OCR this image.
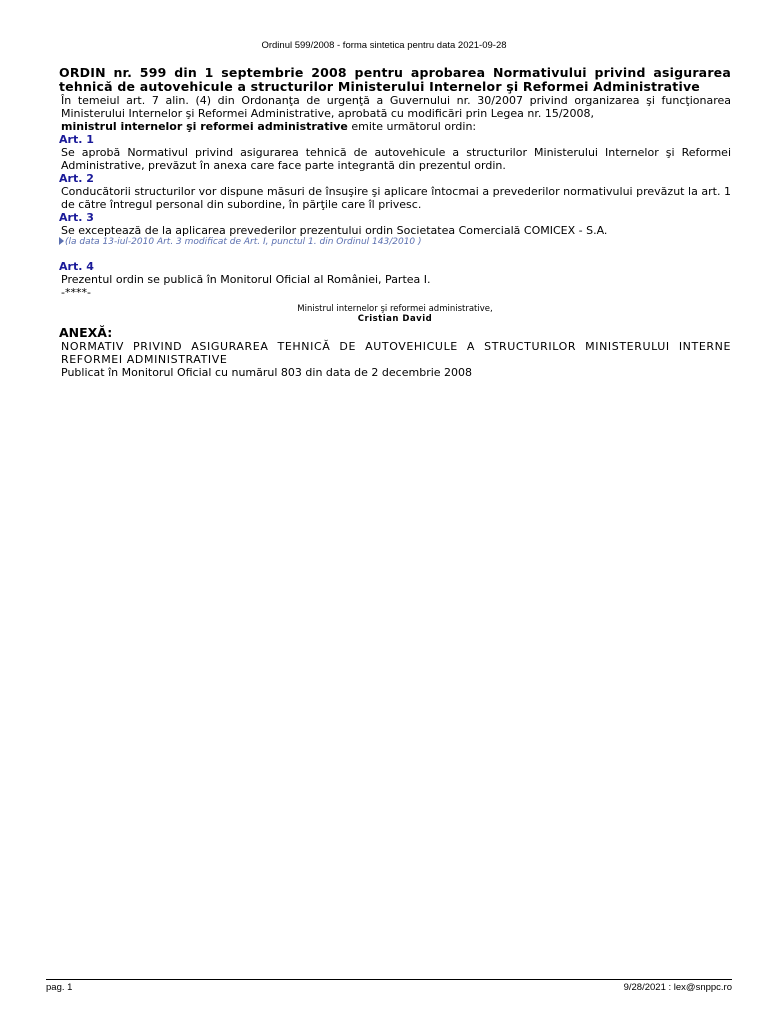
Ordinul 599/2008 - forma sintetica pentru data 2021-09-28

ORDIN nr. 599 din 1 septembrie 2008 pentru aprobarea Normativului privind asigurarea tehnică de autovehicule a structurilor Ministerului Internelor şi Reformei Administrative

În temeiul art. 7 alin. (4) din Ordonanţa de urgenţă a Guvernului nr. 30/2007 privind organizarea şi funcţionarea Ministerului Internelor şi Reformei Administrative, aprobată cu modificări prin Legea nr. 15/2008,

ministrul internelor şi reformei administrative emite următorul ordin:

Art. 1

Se aprobă Normativul privind asigurarea tehnică de autovehicule a structurilor Ministerului Internelor şi Reformei Administrative, prevăzut în anexa care face parte integrantă din prezentul ordin.

Art. 2

Conducătorii structurilor vor dispune măsuri de însuşire şi aplicare întocmai a prevederilor normativului prevăzut la art. 1 de către întregul personal din subordine, în părţile care îl privesc.

Art. 3

Se exceptează de la aplicarea prevederilor prezentului ordin Societatea Comercială COMICEX - S.A.

(la data 13-iul-2010 Art. 3 modificat de Art. I, punctul 1. din Ordinul 143/2010 )

Art. 4

Prezentul ordin se publică în Monitorul Oficial al României, Partea I.

-****-

Ministrul internelor şi reformei administrative,
Cristian David

ANEXĂ:

NORMATIV PRIVIND ASIGURAREA TEHNICĂ DE AUTOVEHICULE A STRUCTURILOR MINISTERULUI INTERNE REFORMEI ADMINISTRATIVE

Publicat în Monitorul Oficial cu numărul 803 din data de 2 decembrie 2008

pag. 1	9/28/2021 : lex@snppc.ro
